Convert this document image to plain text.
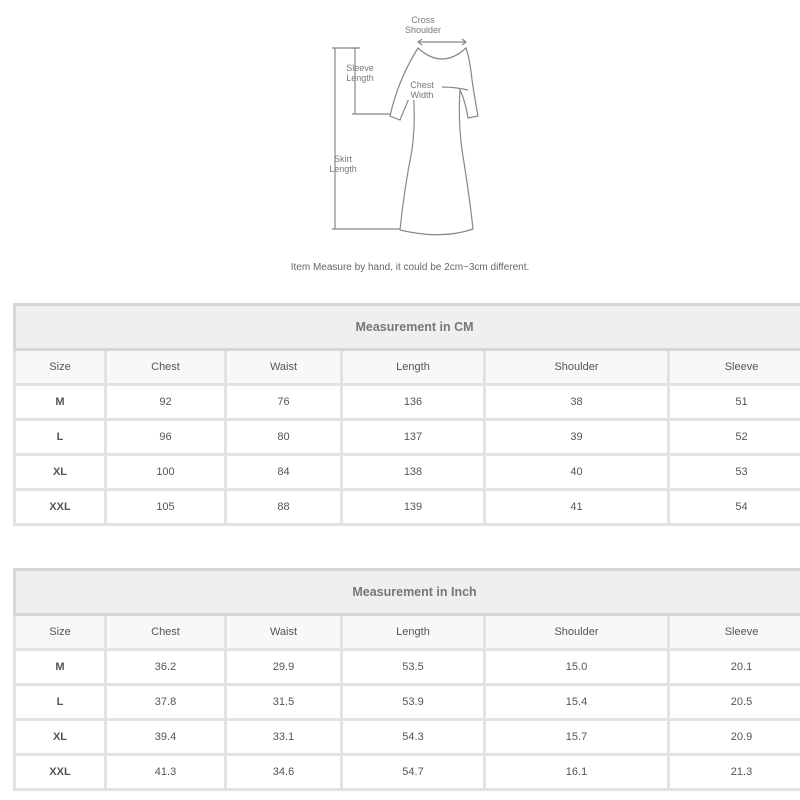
Cross
Shoulder
Sleeve
Length
Chest
Width
Skirt
Length
Item Measure by hand, it could be 2cm~3cm different.
Measurement in CM					
Size	Chest	Waist	Length	Shoulder	Sleeve
M	92	76	136	38	51
L	96	80	137	39	52
XL	100	84	138	40	53
XXL	105	88	139	41	54
Measurement in Inch					
Size	Chest	Waist	Length	Shoulder	Sleeve
M	36.2	29.9	53.5	15.0	20.1
L	37.8	31.5	53.9	15.4	20.5
XL	39.4	33.1	54.3	15.7	20.9
XXL	41.3	34.6	54.7	16.1	21.3
